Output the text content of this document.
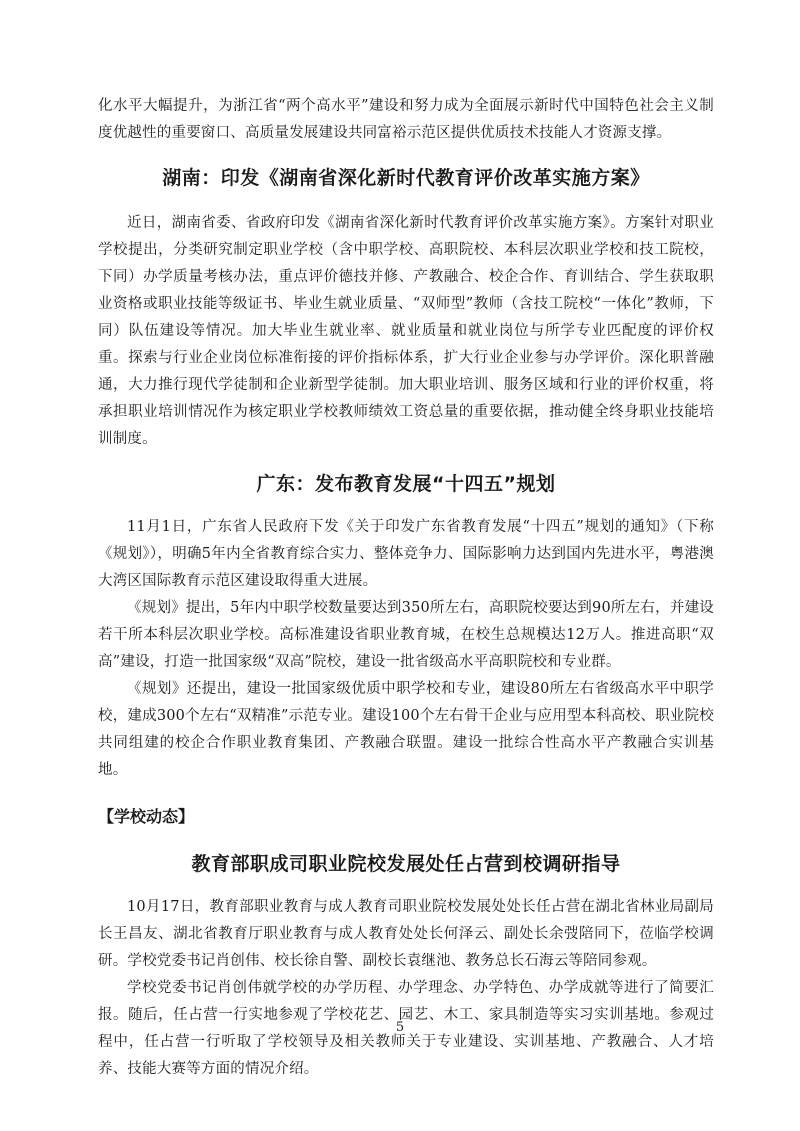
化水平大幅提升，为浙江省“两个高水平”建设和努力成为全面展示新时代中国特色社会主义制度优越性的重要窗口、高质量发展建设共同富裕示范区提供优质技术技能人才资源支撑。

湖南：印发《湖南省深化新时代教育评价改革实施方案》

近日，湖南省委、省政府印发《湖南省深化新时代教育评价改革实施方案》。方案针对职业学校提出，分类研究制定职业学校（含中职学校、高职院校、本科层次职业学校和技工院校，下同）办学质量考核办法，重点评价德技并修、产教融合、校企合作、育训结合、学生获取职业资格或职业技能等级证书、毕业生就业质量、“双师型”教师（含技工院校“一体化”教师，下同）队伍建设等情况。加大毕业生就业率、就业质量和就业岗位与所学专业匹配度的评价权重。探索与行业企业岗位标准衔接的评价指标体系，扩大行业企业参与办学评价。深化职普融通，大力推行现代学徒制和企业新型学徒制。加大职业培训、服务区域和行业的评价权重，将承担职业培训情况作为核定职业学校教师绩效工资总量的重要依据，推动健全终身职业技能培训制度。

广东：发布教育发展“十四五”规划

11月1日，广东省人民政府下发《关于印发广东省教育发展“十四五”规划的通知》（下称《规划》），明确5年内全省教育综合实力、整体竞争力、国际影响力达到国内先进水平，粤港澳大湾区国际教育示范区建设取得重大进展。

《规划》提出，5年内中职学校数量要达到350所左右，高职院校要达到90所左右，并建设若干所本科层次职业学校。高标准建设省职业教育城，在校生总规模达12万人。推进高职“双高”建设，打造一批国家级“双高”院校，建设一批省级高水平高职院校和专业群。

《规划》还提出，建设一批国家级优质中职学校和专业，建设80所左右省级高水平中职学校，建成300个左右“双精准”示范专业。建设100个左右骨干企业与应用型本科高校、职业院校共同组建的校企合作职业教育集团、产教融合联盟。建设一批综合性高水平产教融合实训基地。

【学校动态】
教育部职成司职业院校发展处任占营到校调研指导

10月17日，教育部职业教育与成人教育司职业院校发展处处长任占营在湖北省林业局副局长王昌友、湖北省教育厅职业教育与成人教育处处长何泽云、副处长余弢陪同下，莅临学校调研。学校党委书记肖创伟、校长徐自警、副校长袁继池、教务总长石海云等陪同参观。

学校党委书记肖创伟就学校的办学历程、办学理念、办学特色、办学成就等进行了简要汇报。随后，任占营一行实地参观了学校花艺、园艺、木工、家具制造等实习实训基地。参观过程中，任占营一行听取了学校领导及相关教师关于专业建设、实训基地、产教融合、人才培养、技能大赛等方面的情况介绍。

5
